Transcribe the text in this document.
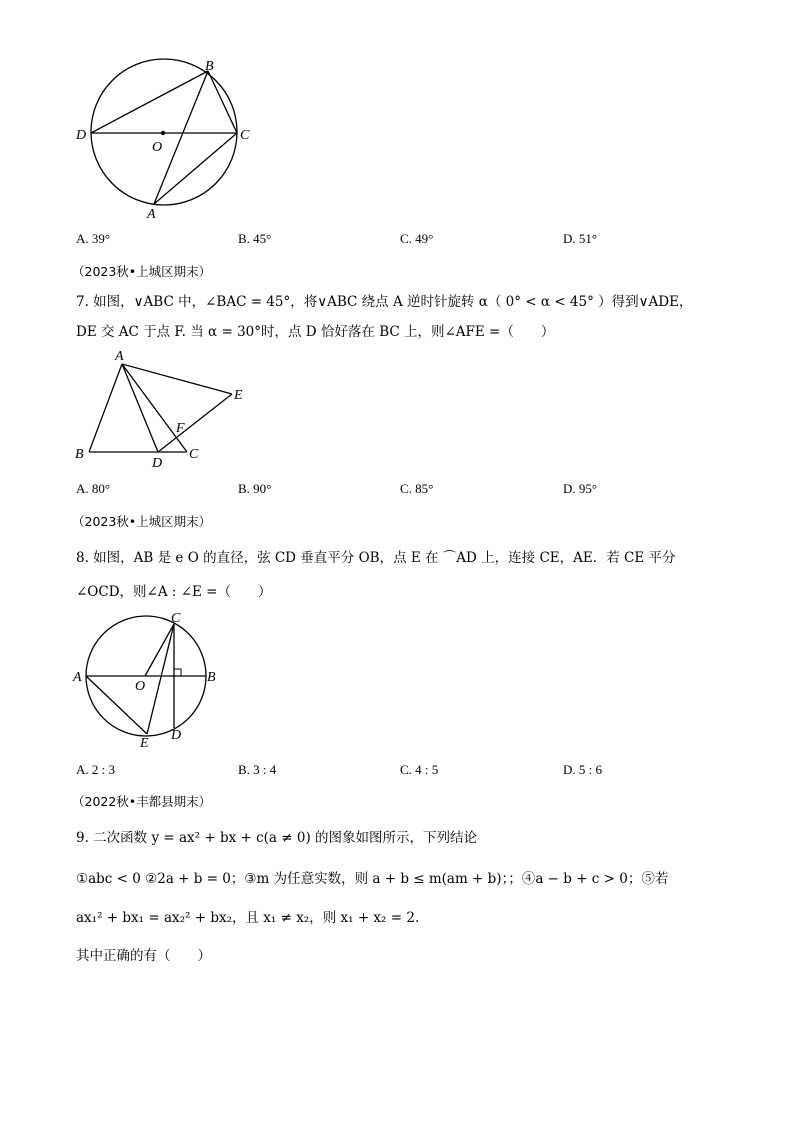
B
D
O
C
A
A. 39°	B. 45°	C. 49°	D. 51°
（2023秋•上城区期末）
7. 如图，∨ABC 中，∠BAC = 45°，将∨ABC 绕点 A 逆时针旋转 α（ 0° < α < 45° ）得到∨ADE，
DE 交 AC 于点 F. 当 α = 30°时，点 D 恰好落在 BC 上，则∠AFE =（　　）
A
E
F
B
D
C
A. 80°	B. 90°	C. 85°	D. 95°
（2023秋•上城区期末）
8. 如图，AB 是 e O 的直径，弦 CD 垂直平分 OB，点 E 在 ⌒AD 上，连接 CE，AE．若 CE 平分
∠OCD，则∠A : ∠E =（　　）
C
A
O
B
E
D
A. 2 : 3	B. 3 : 4	C. 4 : 5	D. 5 : 6
（2022秋•丰都县期末）
9. 二次函数 y = ax² + bx + c(a ≠ 0) 的图象如图所示，下列结论
①abc < 0 ②2a + b = 0；③m 为任意实数，则 a + b ≤ m(am + b)；；④a − b + c > 0；⑤若
ax₁² + bx₁ = ax₂² + bx₂，且 x₁ ≠ x₂，则 x₁ + x₂ = 2.
其中正确的有（　　）
